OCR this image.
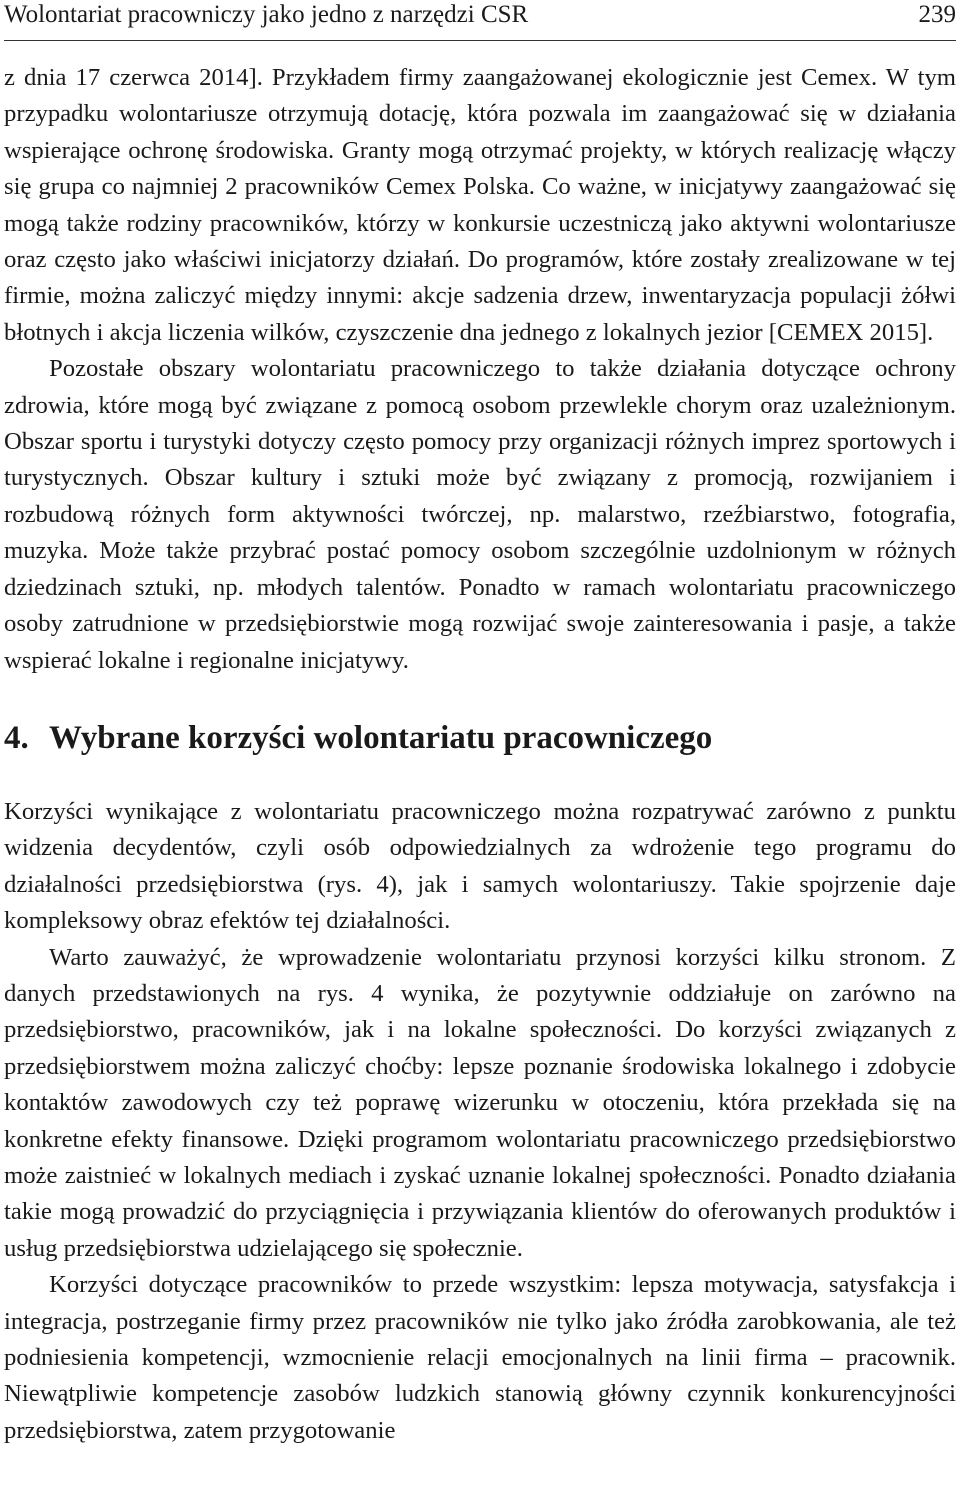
Wolontariat pracowniczy jako jedno z narzędzi CSR	239

z dnia 17 czerwca 2014]. Przykładem firmy zaangażowanej ekologicznie jest Cemex. W tym przypadku wolontariusze otrzymują dotację, która pozwala im zaangażować się w działania wspierające ochronę środowiska. Granty mogą otrzymać projekty, w których realizację włączy się grupa co najmniej 2 pracowników Cemex Polska. Co ważne, w inicjatywy zaangażować się mogą także rodziny pracowników, którzy w konkursie uczestniczą jako aktywni wolontariusze oraz często jako właściwi inicjatorzy działań. Do programów, które zostały zrealizowane w tej firmie, można zaliczyć między innymi: akcje sadzenia drzew, inwentaryzacja populacji żółwi błotnych i akcja liczenia wilków, czyszczenie dna jednego z lokalnych jezior [CEMEX 2015].

Pozostałe obszary wolontariatu pracowniczego to także działania dotyczące ochrony zdrowia, które mogą być związane z pomocą osobom przewlekle chorym oraz uzależnionym. Obszar sportu i turystyki dotyczy często pomocy przy organizacji różnych imprez sportowych i turystycznych. Obszar kultury i sztuki może być związany z promocją, rozwijaniem i rozbudową różnych form aktywności twórczej, np. malarstwo, rzeźbiarstwo, fotografia, muzyka. Może także przybrać postać pomocy osobom szczególnie uzdolnionym w różnych dziedzinach sztuki, np. młodych talentów. Ponadto w ramach wolontariatu pracowniczego osoby zatrudnione w przedsiębiorstwie mogą rozwijać swoje zainteresowania i pasje, a także wspierać lokalne i regionalne inicjatywy.

4. Wybrane korzyści wolontariatu pracowniczego

Korzyści wynikające z wolontariatu pracowniczego można rozpatrywać zarówno z punktu widzenia decydentów, czyli osób odpowiedzialnych za wdrożenie tego programu do działalności przedsiębiorstwa (rys. 4), jak i samych wolontariuszy. Takie spojrzenie daje kompleksowy obraz efektów tej działalności.

Warto zauważyć, że wprowadzenie wolontariatu przynosi korzyści kilku stronom. Z danych przedstawionych na rys. 4 wynika, że pozytywnie oddziałuje on zarówno na przedsiębiorstwo, pracowników, jak i na lokalne społeczności. Do korzyści związanych z przedsiębiorstwem można zaliczyć choćby: lepsze poznanie środowiska lokalnego i zdobycie kontaktów zawodowych czy też poprawę wizerunku w otoczeniu, która przekłada się na konkretne efekty finansowe. Dzięki programom wolontariatu pracowniczego przedsiębiorstwo może zaistnieć w lokalnych mediach i zyskać uznanie lokalnej społeczności. Ponadto działania takie mogą prowadzić do przyciągnięcia i przywiązania klientów do oferowanych produktów i usług przedsiębiorstwa udzielającego się społecznie.

Korzyści dotyczące pracowników to przede wszystkim: lepsza motywacja, satysfakcja i integracja, postrzeganie firmy przez pracowników nie tylko jako źródła zarobkowania, ale też podniesienia kompetencji, wzmocnienie relacji emocjonalnych na linii firma – pracownik. Niewątpliwie kompetencje zasobów ludzkich stanowią główny czynnik konkurencyjności przedsiębiorstwa, zatem przygotowanie
